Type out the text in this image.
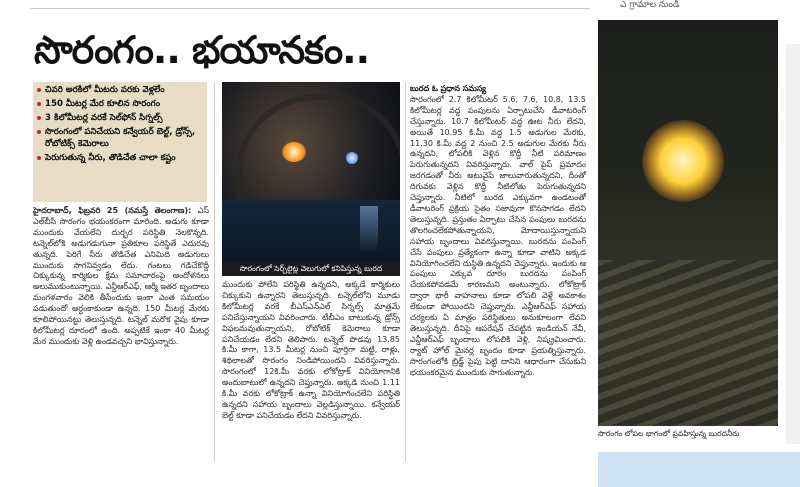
ఎ గ్రామాల నుండి
సొరంగం.. భయానకం..
చివరి అరకిలో మీటరు వరకు వెళ్లలేం
150 మీటర్ల మేర కూలిన సొరంగం
3 కిలోమీటర్ల వరకే సెల్‌ఫోన్ సిగ్నల్స్
సొరంగంలో పనిచేయని కన్వేయర్ బెల్ట్, డ్రోన్స్, రోబోటిక్స్ కెమెరాలు
పెరుగుతున్న నీరు, తొడిచేత చాలా కష్టం
సొరంగంలో సెర్చ్‌లైట్ల వెలుగులో కనిపిస్తున్న బురద
హైదరాబాద్, ఫిబ్రవరి 25 (నమస్తే తెలంగాణ): ఎస్ ఎల్‌బీసీ సొరంగం భయంకరంగా మారింది. అడుగు కూడా ముందుకు వేయలేని దుర్భర పరిస్థితి నెలకొన్నది. టన్నెల్‌లోకి అడుగడుగునా ప్రతికూల పరిస్థితే ఎదురవు తున్నది. పెరిగే నీరు తొడిచేత ఎనిమిది అడుగులు ముందుకు సాగనివ్వడం లేదు. గంటలు గడిచేకొద్దీ చిక్కుకున్న కార్మికుల క్షేమ సమాచారంపై ఆందోళనలు అలుముకుంటున్నాయి. ఎన్డీఆర్‌ఎఫ్, ఆర్మీ ఇతర బృందాలు మంగళవారం వెలికి తీసేందుకు ఇంకా ఎంత సమయం పడుతుందో అర్ధంకాకుండా ఉన్నది. 150 మీటర్ల మేరకు కూలిపోయినట్టు తెలుస్తున్నది. టన్నెల్ మరొక వైపు కూడా కిలోమీటర్ల దూరంలో ఉంది. అప్పటికే ఇంకా 40 మీటర్ల మేర ముందుకు వెళ్లి ఉండవచ్చని భావిస్తున్నారు.
ముందుకు పోలేని పరిస్థితి ఉన్నదని, అక్కడే కార్మికులు చిక్కుకుని ఉన్నారని తెలుస్తున్నది. టన్నెల్‌లోని మూడు కిలోమీటర్ల వరకే బీఎస్‌ఎన్‌ఎల్ సిగ్నల్స్ మాత్రమే పనిచేస్తున్నాయని వివరించారు. టీబీఎం బాటుకున్న డ్రోన్స్ విఫలమవుతున్నాయని, రోబోటిక్ కెమెరాలు కూడా పనిచేయడం లేదని తెలిపారు. టన్నెల్ పొడవు 13.85 కి.మీ కాగా, 13.5 మీటర్ల నుంచి పూర్తిగా మట్టి, రాళ్లు, శిథిలాలతో సొరంగం నిండిపోయిందని వివరిస్తున్నారు. సొరంగంలో 12కి.మీ వరకు లోకోట్రాక్ వినియోగానికి అందుబాటులో ఉన్నదని చెప్తున్నారు. అక్కడి నుంచి 1.11 కి.మీ వరకు లోకోట్రాక్ ఉన్నా వినియోగించలేని పరిస్థితి ఉన్నదని సహాయ బృందాలు వెల్లడిస్తున్నాయి. కన్వేయర్ బెల్ట్ కూడా పనిచేయడం లేదని వివరిస్తున్నారు.
బురద ఓ ప్రధాన సమస్య
సొరంగంలో 2.7 కిలోమీటర్ 5.6, 7.6, 10.8, 13.5 కిలోమీటర్ల వద్ద పంపులను ఏర్పాటుచేసి డీవాటరింగ్ చేస్తున్నారు. 10.7 కిలోమీటర్ వద్ద ఊట నీరు లేదని, అయితే 10.95 కి.మీ వద్ద 1.5 అడుగుల మేరకు, 11.30 కి.మీ వద్ద 2 నుంచి 2.5 అడుగుల మేరకు నీరు ఉన్నదని, లోపలికి వెళ్లిన కొద్దీ నీటి పరిమాణం పెరుగుతున్నదని వివరిస్తున్నారు. వాల్ పైప్ ప్రమాదం జరగడంతో నీరు అటువైపే జాలువారుతున్నదని, దీంతో దిగువకు వెళ్లిన కొద్దీ నీటిలోతు పెరుగుతున్నదని చెప్తున్నారు. నీటిలో బురద ఎక్కువగా ఉండటంతో డీవాటరింగ్ ప్రక్రియ సైతం సజావుగా కొనసాగడం లేదని తెలుస్తున్నది. ప్రస్తుతం ఏర్పాటు చేసిన పంపులు బురదను తొలగించలేకపోతున్నాయని, మోదాయిస్తున్నాయని సహాయ బృందాలు వివరిస్తున్నాయి. బురదను పంపింగ్ చేసే పంపులు ప్రత్యేకంగా ఉన్నా కూడా వాటిని అక్కడ వినియోగించలేని దుస్థితి ఉన్నదని చెప్తున్నారు. ఇందుకు ఆ పంపులు ఎక్కువ దూరం బురదను పంపింగ్ చేయకపోవడమే కారణమని అంటున్నారు. లోకోట్రాక్ ద్వారా భారీ వాహనాలు కూడా లోపలి వెళ్లే అవకాశం లేకుండా పోయిందని చెప్తున్నారు. ఎన్డీఆర్‌ఎఫ్ సహాయ చర్యలకు ఏ మాత్రం పరిస్థితులు అనుకూలంగా లేవని తెలుస్తున్నది. దీనిపై ఆపరేషన్ చేపట్టిన ఇండియన్ నేవీ, ఎన్డీఆర్‌ఎఫ్ బృందాలు లోపలికి వెళ్లి, నిష్క్రమించారు. ర్యాట్ హోల్ మైనర్ల బృందం కూడా ప్రయత్నిస్తున్నారు. సొరంగంలోకి బ్రిడ్జ్ పైపు పెట్టి దానిని ఆధారంగా చేసుకుని భయంకరమైన ముందుకు సాగుతున్నారు.
సొరంగం లోపల భాగంలో ప్రవహిస్తున్న బురదనీరు
